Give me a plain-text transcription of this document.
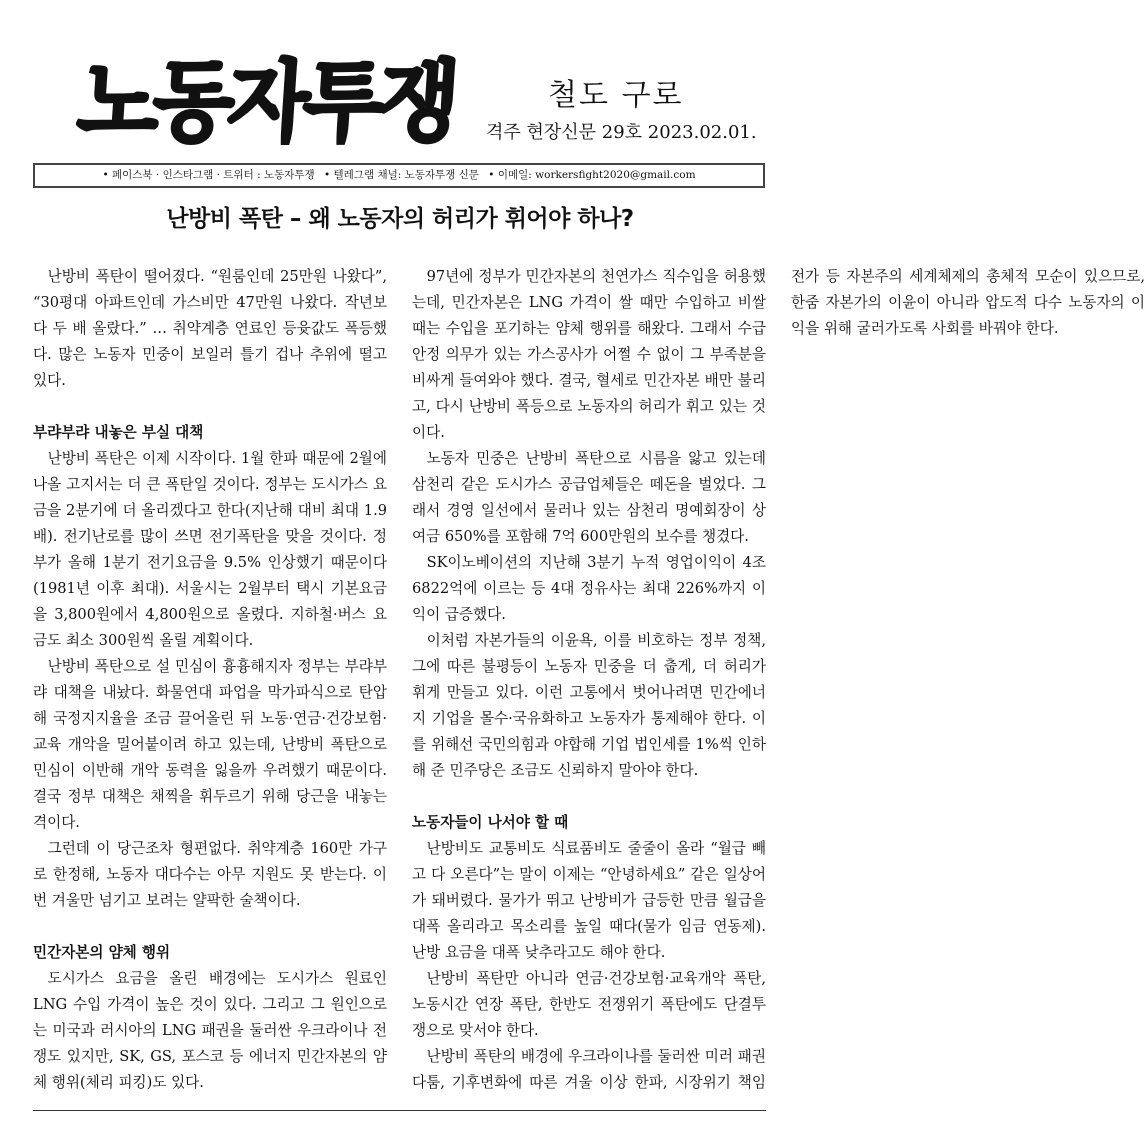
노동자투쟁	철도 구로
격주 현장신문 29호 2023.02.01.
• 페이스북 · 인스타그램 · 트위터 : 노동자투쟁 • 텔레그램 채널: 노동자투쟁 신문 • 이메일: workersfight2020@gmail.com
난방비 폭탄 – 왜 노동자의 허리가 휘어야 하나?

난방비 폭탄이 떨어졌다. “원룸인데 25만원 나왔다”, “30평대 아파트인데 가스비만 47만원 나왔다. 작년보다 두 배 올랐다.” … 취약계층 연료인 등윳값도 폭등했다. 많은 노동자 민중이 보일러 틀기 겁나 추위에 떨고 있다.

부랴부랴 내놓은 부실 대책

난방비 폭탄은 이제 시작이다. 1월 한파 때문에 2월에 나올 고지서는 더 큰 폭탄일 것이다. 정부는 도시가스 요금을 2분기에 더 올리겠다고 한다(지난해 대비 최대 1.9배). 전기난로를 많이 쓰면 전기폭탄을 맞을 것이다. 정부가 올해 1분기 전기요금을 9.5% 인상했기 때문이다(1981년 이후 최대). 서울시는 2월부터 택시 기본요금을 3,800원에서 4,800원으로 올렸다. 지하철·버스 요금도 최소 300원씩 올릴 계획이다.

난방비 폭탄으로 설 민심이 흉흉해지자 정부는 부랴부랴 대책을 내놨다. 화물연대 파업을 막가파식으로 탄압해 국정지지율을 조금 끌어올린 뒤 노동·연금·건강보험·교육 개악을 밀어붙이려 하고 있는데, 난방비 폭탄으로 민심이 이반해 개악 동력을 잃을까 우려했기 때문이다. 결국 정부 대책은 채찍을 휘두르기 위해 당근을 내놓는 격이다.

그런데 이 당근조차 형편없다. 취약계층 160만 가구로 한정해, 노동자 대다수는 아무 지원도 못 받는다. 이번 겨울만 넘기고 보려는 얄팍한 술책이다.

민간자본의 얌체 행위

도시가스 요금을 올린 배경에는 도시가스 원료인 LNG 수입 가격이 높은 것이 있다. 그리고 그 원인으로는 미국과 러시아의 LNG 패권을 둘러싼 우크라이나 전쟁도 있지만, SK, GS, 포스코 등 에너지 민간자본의 얌체 행위(체리 피킹)도 있다.

97년에 정부가 민간자본의 천연가스 직수입을 허용했는데, 민간자본은 LNG 가격이 쌀 때만 수입하고 비쌀 때는 수입을 포기하는 얌체 행위를 해왔다. 그래서 수급안정 의무가 있는 가스공사가 어쩔 수 없이 그 부족분을 비싸게 들여와야 했다. 결국, 혈세로 민간자본 배만 불리고, 다시 난방비 폭등으로 노동자의 허리가 휘고 있는 것이다.

노동자 민중은 난방비 폭탄으로 시름을 앓고 있는데 삼천리 같은 도시가스 공급업체들은 떼돈을 벌었다. 그래서 경영 일선에서 물러나 있는 삼천리 명예회장이 상여금 650%를 포함해 7억 600만원의 보수를 챙겼다.

SK이노베이션의 지난해 3분기 누적 영업이익이 4조 6822억에 이르는 등 4대 정유사는 최대 226%까지 이익이 급증했다.

이처럼 자본가들의 이윤욕, 이를 비호하는 정부 정책, 그에 따른 불평등이 노동자 민중을 더 춥게, 더 허리가 휘게 만들고 있다. 이런 고통에서 벗어나려면 민간에너지 기업을 몰수·국유화하고 노동자가 통제해야 한다. 이를 위해선 국민의힘과 야합해 기업 법인세를 1%씩 인하해 준 민주당은 조금도 신뢰하지 말아야 한다.

노동자들이 나서야 할 때

난방비도 교통비도 식료품비도 줄줄이 올라 “월급 빼고 다 오른다”는 말이 이제는 “안녕하세요” 같은 일상어가 돼버렸다. 물가가 뛰고 난방비가 급등한 만큼 월급을 대폭 올리라고 목소리를 높일 때다(물가 임금 연동제). 난방 요금을 대폭 낮추라고도 해야 한다.

난방비 폭탄만 아니라 연금·건강보험·교육개악 폭탄, 노동시간 연장 폭탄, 한반도 전쟁위기 폭탄에도 단결투쟁으로 맞서야 한다.

난방비 폭탄의 배경에 우크라이나를 둘러싼 미러 패권 다툼, 기후변화에 따른 겨울 이상 한파, 시장위기 책임 전가 등 자본주의 세계체제의 총체적 모순이 있으므로, 한줌 자본가의 이윤이 아니라 압도적 다수 노동자의 이익을 위해 굴러가도록 사회를 바꿔야 한다.
